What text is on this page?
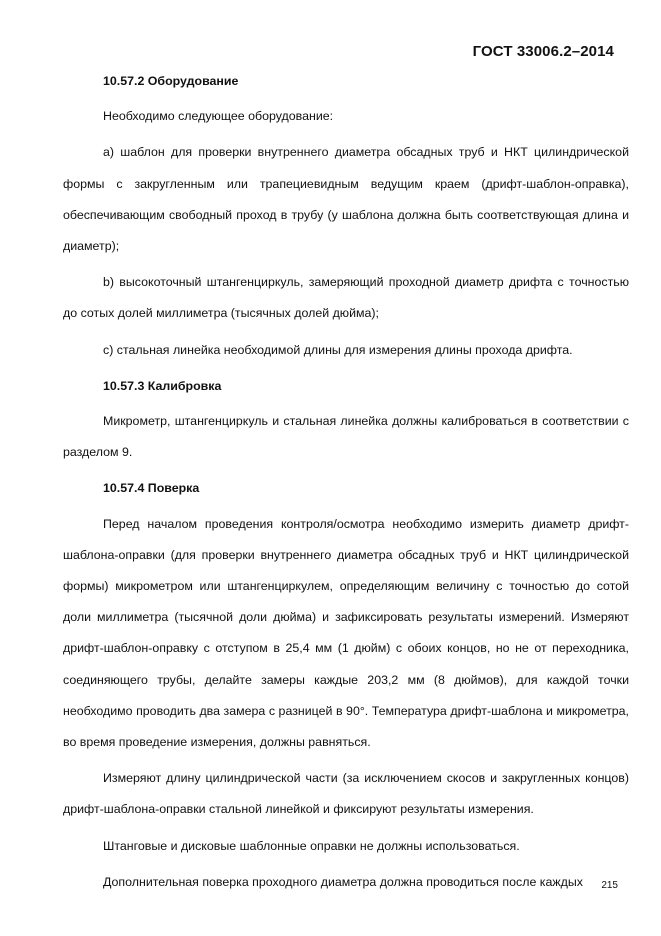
ГОСТ 33006.2–2014

10.57.2 Оборудование

Необходимо следующее оборудование:

а) шаблон для проверки внутреннего диаметра обсадных труб и НКТ цилиндрической формы с закругленным или трапециевидным ведущим краем (дрифт-шаблон-оправка), обеспечивающим свободный проход в трубу (у шаблона должна быть соответствующая длина и диаметр);

b) высокоточный штангенциркуль, замеряющий проходной диаметр дрифта с точностью до сотых долей миллиметра (тысячных долей дюйма);

с) стальная линейка необходимой длины для измерения длины прохода дрифта.

10.57.3 Калибровка

Микрометр, штангенциркуль и стальная линейка должны калиброваться в соответствии с разделом 9.

10.57.4 Поверка

Перед началом проведения контроля/осмотра необходимо измерить диаметр дрифт-шаблона-оправки (для проверки внутреннего диаметра обсадных труб и НКТ цилиндрической формы) микрометром или штангенциркулем, определяющим величину с точностью до сотой доли миллиметра (тысячной доли дюйма) и зафиксировать результаты измерений. Измеряют дрифт-шаблон-оправку с отступом в 25,4 мм (1 дюйм) с обоих концов, но не от переходника, соединяющего трубы, делайте замеры каждые 203,2 мм (8 дюймов), для каждой точки необходимо проводить два замера с разницей в 90°. Температура дрифт-шаблона и микрометра, во время проведение измерения, должны равняться.

Измеряют длину цилиндрической части (за исключением скосов и закругленных концов) дрифт-шаблона-оправки стальной линейкой и фиксируют результаты измерения.

Штанговые и дисковые шаблонные оправки не должны использоваться.

Дополнительная поверка проходного диаметра должна проводиться после каждых	215
